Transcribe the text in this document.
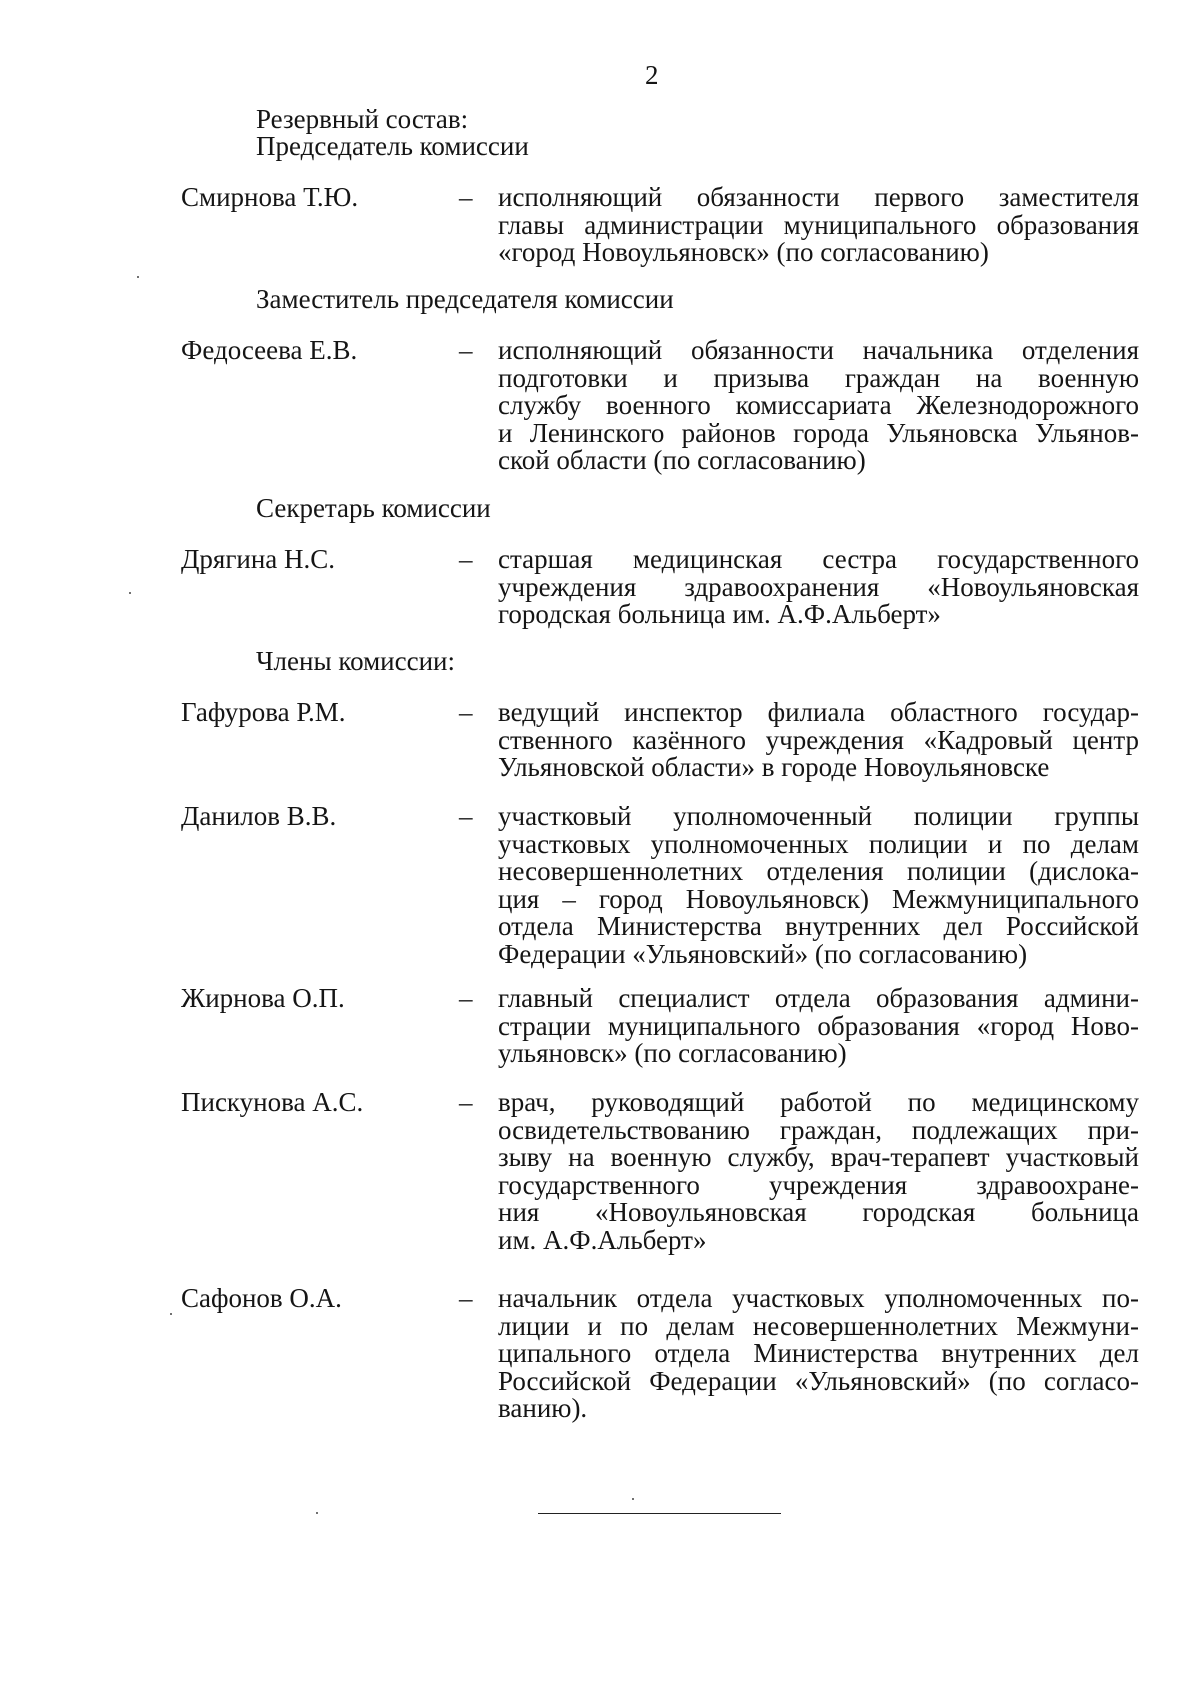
2
Резервный состав:
Председатель комиссии
Смирнова Т.Ю.	– исполняющий обязанности первого заместителя
главы администрации муниципального образования
«город Новоульяновск» (по согласованию)
Заместитель председателя комиссии
Федосеева Е.В.	– исполняющий обязанности начальника отделения
подготовки и призыва граждан на военную
службу военного комиссариата Железнодорожного
и Ленинского районов города Ульяновска Ульянов-
ской области (по согласованию)
Секретарь комиссии
Дрягина Н.С.	– старшая медицинская сестра государственного
учреждения здравоохранения «Новоульяновская
городская больница им. А.Ф.Альберт»
Члены комиссии:
Гафурова Р.М.	– ведущий инспектор филиала областного государ-
ственного казённого учреждения «Кадровый центр
Ульяновской области» в городе Новоульяновске
Данилов В.В.	– участковый уполномоченный полиции группы
участковых уполномоченных полиции и по делам
несовершеннолетних отделения полиции (дислока-
ция – город Новоульяновск) Межмуниципального
отдела Министерства внутренних дел Российской
Федерации «Ульяновский» (по согласованию)
Жирнова О.П.	– главный специалист отдела образования админи-
страции муниципального образования «город Ново-
ульяновск» (по согласованию)
Пискунова А.С.	– врач, руководящий работой по медицинскому
освидетельствованию граждан, подлежащих при-
зыву на военную службу, врач-терапевт участковый
государственного учреждения здравоохране-
ния «Новоульяновская городская больница
им. А.Ф.Альберт»
Сафонов О.А.	– начальник отдела участковых уполномоченных по-
лиции и по делам несовершеннолетних Межмуни-
ципального отдела Министерства внутренних дел
Российской Федерации «Ульяновский» (по согласо-
ванию).
